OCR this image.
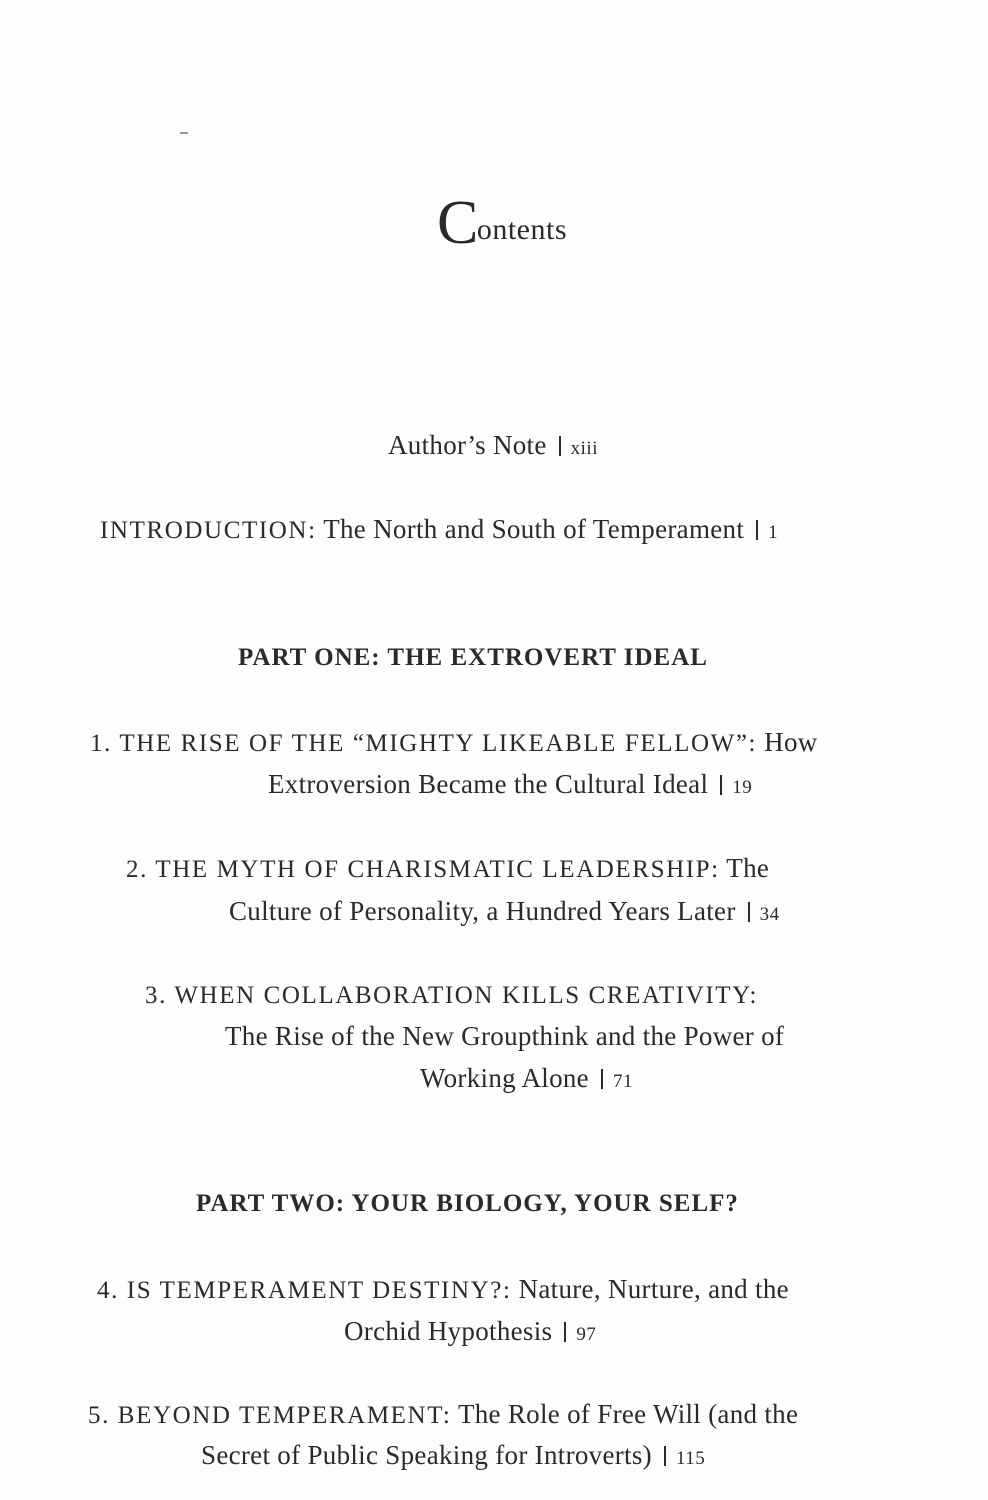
Contents
Author’s Note xiii
INTRODUCTION: The North and South of Temperament 1
PART ONE: THE EXTROVERT IDEAL
1. THE RISE OF THE “MIGHTY LIKEABLE FELLOW”: How
Extroversion Became the Cultural Ideal 19
2. THE MYTH OF CHARISMATIC LEADERSHIP: The
Culture of Personality, a Hundred Years Later 34
3. WHEN COLLABORATION KILLS CREATIVITY:
The Rise of the New Groupthink and the Power of
Working Alone 71
PART TWO: YOUR BIOLOGY, YOUR SELF?
4. IS TEMPERAMENT DESTINY?: Nature, Nurture, and the
Orchid Hypothesis 97
5. BEYOND TEMPERAMENT: The Role of Free Will (and the
Secret of Public Speaking for Introverts) 115
